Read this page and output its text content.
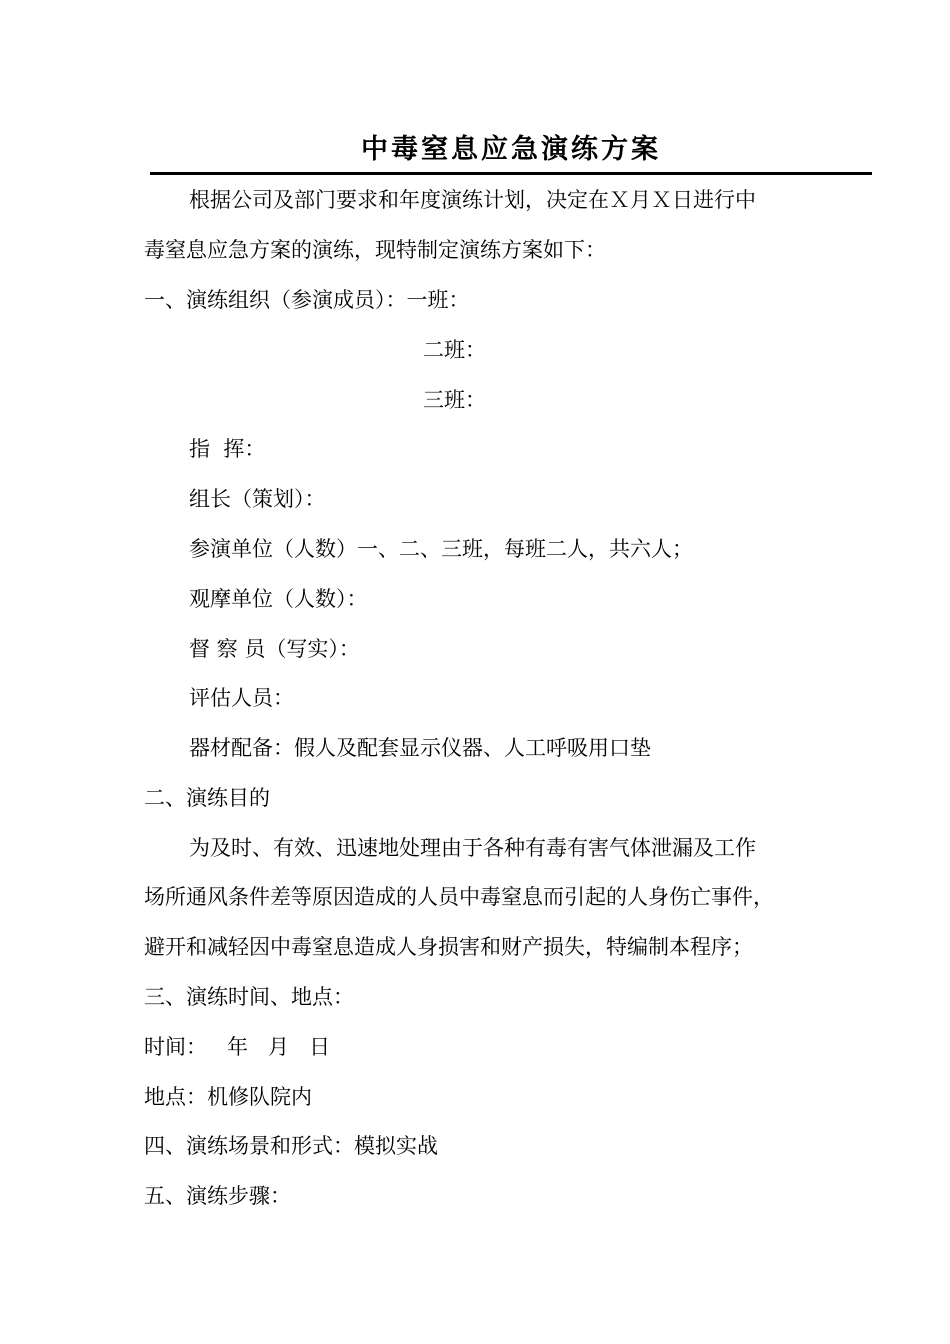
中毒窒息应急演练方案
根据公司及部门要求和年度演练计划，决定在Ｘ月Ｘ日进行中
毒窒息应急方案的演练，现特制定演练方案如下：
一、演练组织（参演成员）：一班：
二班：
三班：
指  挥：
组长（策划）：
参演单位（人数）一、二、三班，每班二人，共六人；
观摩单位（人数）：
督 察 员（写实）：
评估人员：
器材配备：假人及配套显示仪器、人工呼吸用口垫
二、演练目的
为及时、有效、迅速地处理由于各种有毒有害气体泄漏及工作
场所通风条件差等原因造成的人员中毒窒息而引起的人身伤亡事件，
避开和减轻因中毒窒息造成人身损害和财产损失，特编制本程序；
三、演练时间、地点：
时间：   年   月   日
地点：机修队院内
四、演练场景和形式：模拟实战
五、演练步骤：
